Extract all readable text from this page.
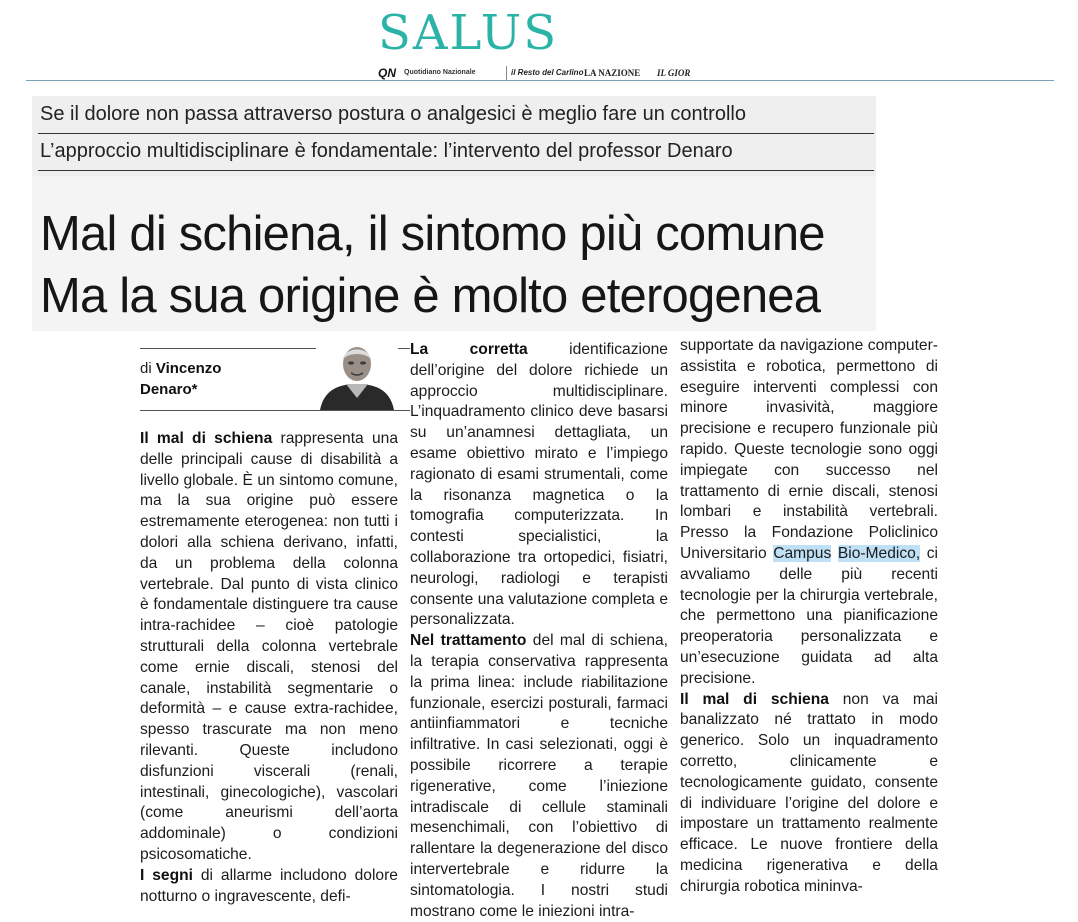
SALUS
QN Quotidiano Nazionale	il Resto del Carlino LA NAZIONE IL GIOR
Se il dolore non passa attraverso postura o analgesici è meglio fare un controllo
L’approccio multidisciplinare è fondamentale: l’intervento del professor Denaro
Mal di schiena, il sintomo più comune
Ma la sua origine è molto eterogenea
di Vincenzo
Denaro*

Il mal di schiena rappresenta una delle principali cause di disabilità a livello globale. È un sintomo comune, ma la sua origine può essere estremamente eterogenea: non tutti i dolori alla schiena derivano, infatti, da un problema della colonna vertebrale. Dal punto di vista clinico è fondamentale distinguere tra cause intra-rachidee – cioè patologie strutturali della colonna vertebrale come ernie discali, stenosi del canale, instabilità segmentarie o deformità – e cause extra-rachidee, spesso trascurate ma non meno rilevanti. Queste includono disfunzioni viscerali (renali, intestinali, ginecologiche), vascolari (come aneurismi dell’aorta addominale) o condizioni psicosomatiche.

I segni di allarme includono dolore notturno o ingravescente, defi-

La corretta identificazione dell’origine del dolore richiede un approccio multidisciplinare. L’inquadramento clinico deve basarsi su un’anamnesi dettagliata, un esame obiettivo mirato e l’impiego ragionato di esami strumentali, come la risonanza magnetica o la tomografia computerizzata. In contesti specialistici, la collaborazione tra ortopedici, fisiatri, neurologi, radiologi e terapisti consente una valutazione completa e personalizzata.

Nel trattamento del mal di schiena, la terapia conservativa rappresenta la prima linea: include riabilitazione funzionale, esercizi posturali, farmaci antiinfiammatori e tecniche infiltrative. In casi selezionati, oggi è possibile ricorrere a terapie rigenerative, come l’iniezione intradiscale di cellule staminali mesenchimali, con l’obiettivo di rallentare la degenerazione del disco intervertebrale e ridurre la sintomatologia. I nostri studi mostrano come le iniezioni intra-

supportate da navigazione computer-assistita e robotica, permettono di eseguire interventi complessi con minore invasività, maggiore precisione e recupero funzionale più rapido. Queste tecnologie sono oggi impiegate con successo nel trattamento di ernie discali, stenosi lombari e instabilità vertebrali. Presso la Fondazione Policlinico Universitario Campus Bio-Medico, ci avvaliamo delle più recenti tecnologie per la chirurgia vertebrale, che permettono una pianificazione preoperatoria personalizzata e un’esecuzione guidata ad alta precisione.

Il mal di schiena non va mai banalizzato né trattato in modo generico. Solo un inquadramento corretto, clinicamente e tecnologicamente guidato, consente di individuare l’origine del dolore e impostare un trattamento realmente efficace. Le nuove frontiere della medicina rigenerativa e della chirurgia robotica mininva-
